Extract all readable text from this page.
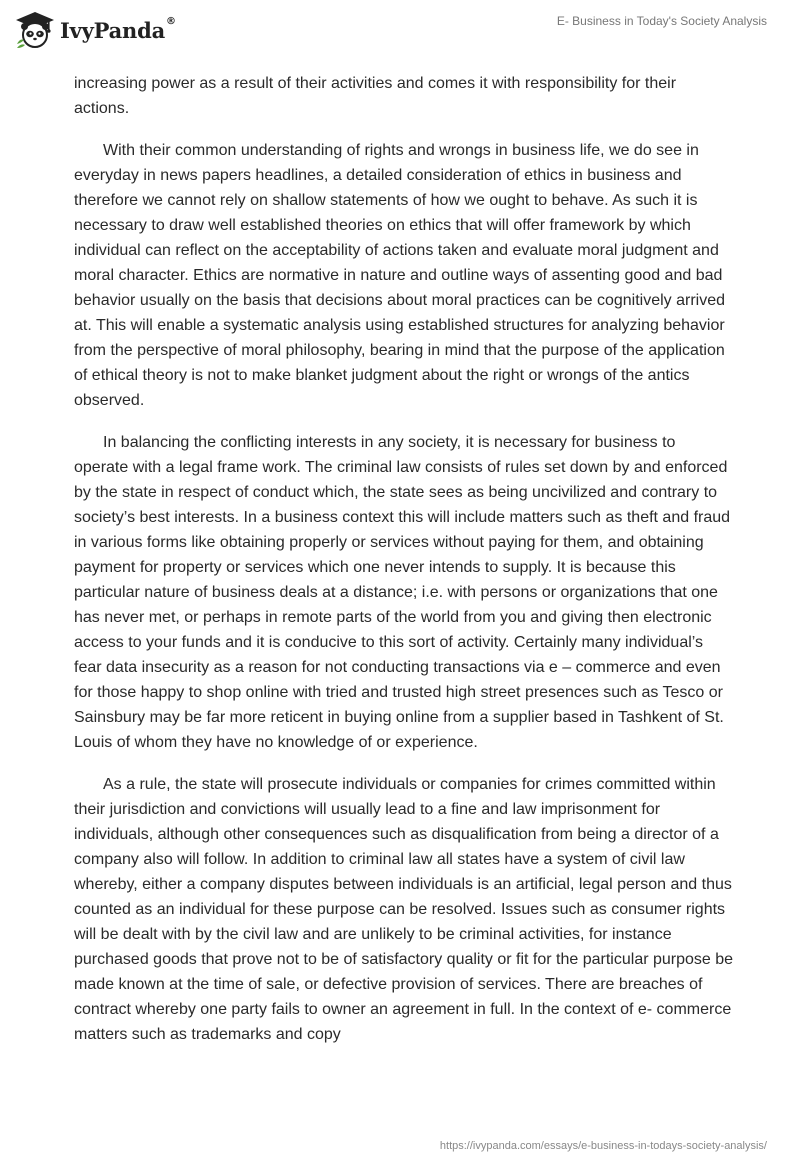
IvyPanda®	E- Business in Today's Society Analysis

increasing power as a result of their activities and comes it with responsibility for their actions.

With their common understanding of rights and wrongs in business life, we do see in everyday in news papers headlines, a detailed consideration of ethics in business and therefore we cannot rely on shallow statements of how we ought to behave. As such it is necessary to draw well established theories on ethics that will offer framework by which individual can reflect on the acceptability of actions taken and evaluate moral judgment and moral character. Ethics are normative in nature and outline ways of assenting good and bad behavior usually on the basis that decisions about moral practices can be cognitively arrived at. This will enable a systematic analysis using established structures for analyzing behavior from the perspective of moral philosophy, bearing in mind that the purpose of the application of ethical theory is not to make blanket judgment about the right or wrongs of the antics observed.

In balancing the conflicting interests in any society, it is necessary for business to operate with a legal frame work. The criminal law consists of rules set down by and enforced by the state in respect of conduct which, the state sees as being uncivilized and contrary to society’s best interests. In a business context this will include matters such as theft and fraud in various forms like obtaining properly or services without paying for them, and obtaining payment for property or services which one never intends to supply. It is because this particular nature of business deals at a distance; i.e. with persons or organizations that one has never met, or perhaps in remote parts of the world from you and giving then electronic access to your funds and it is conducive to this sort of activity. Certainly many individual’s fear data insecurity as a reason for not conducting transactions via e – commerce and even for those happy to shop online with tried and trusted high street presences such as Tesco or Sainsbury may be far more reticent in buying online from a supplier based in Tashkent of St. Louis of whom they have no knowledge of or experience.

As a rule, the state will prosecute individuals or companies for crimes committed within their jurisdiction and convictions will usually lead to a fine and law imprisonment for individuals, although other consequences such as disqualification from being a director of a company also will follow. In addition to criminal law all states have a system of civil law whereby, either a company disputes between individuals is an artificial, legal person and thus counted as an individual for these purpose can be resolved. Issues such as consumer rights will be dealt with by the civil law and are unlikely to be criminal activities, for instance purchased goods that prove not to be of satisfactory quality or fit for the particular purpose be made known at the time of sale, or defective provision of services. There are breaches of contract whereby one party fails to owner an agreement in full. In the context of e- commerce matters such as trademarks and copy

https://ivypanda.com/essays/e-business-in-todays-society-analysis/
